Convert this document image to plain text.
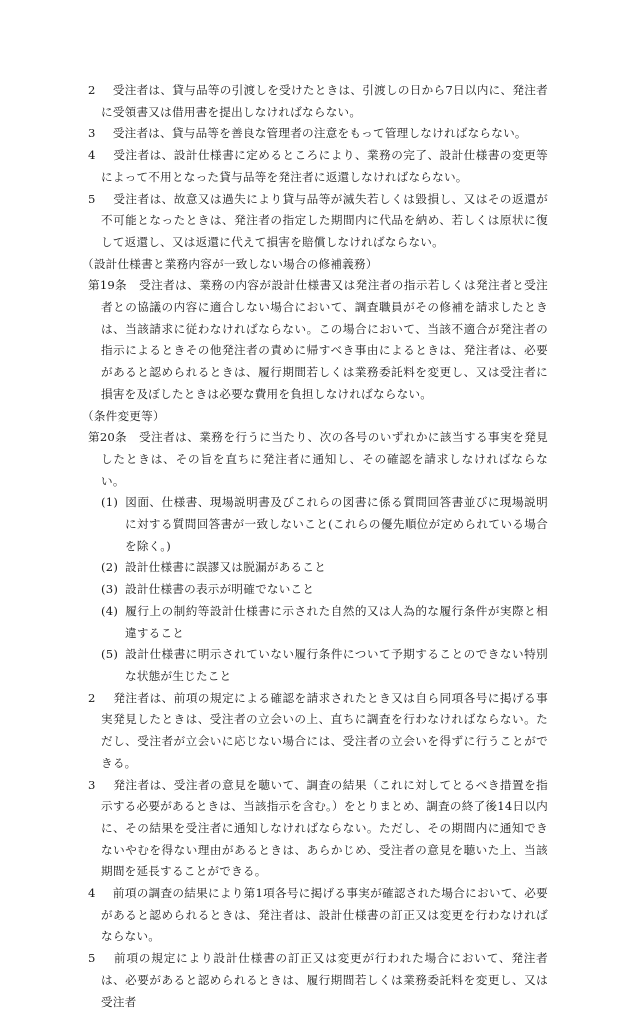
2　受注者は、貸与品等の引渡しを受けたときは、引渡しの日から7日以内に、発注者に受領書又は借用書を提出しなければならない。

3　受注者は、貸与品等を善良な管理者の注意をもって管理しなければならない。

4　受注者は、設計仕様書に定めるところにより、業務の完了、設計仕様書の変更等によって不用となった貸与品等を発注者に返還しなければならない。

5　受注者は、故意又は過失により貸与品等が滅失若しくは毀損し、又はその返還が不可能となったときは、発注者の指定した期間内に代品を納め、若しくは原状に復して返還し、又は返還に代えて損害を賠償しなければならない。

（設計仕様書と業務内容が一致しない場合の修補義務）

第19条 受注者は、業務の内容が設計仕様書又は発注者の指示若しくは発注者と受注者との協議の内容に適合しない場合において、調査職員がその修補を請求したときは、当該請求に従わなければならない。この場合において、当該不適合が発注者の指示によるときその他発注者の責めに帰すべき事由によるときは、発注者は、必要があると認められるときは、履行期間若しくは業務委託料を変更し、又は受注者に損害を及ぼしたときは必要な費用を負担しなければならない。

（条件変更等）

第20条 受注者は、業務を行うに当たり、次の各号のいずれかに該当する事実を発見したときは、その旨を直ちに発注者に通知し、その確認を請求しなければならない。

(1) 図面、仕様書、現場説明書及びこれらの図書に係る質問回答書並びに現場説明に対する質問回答書が一致しないこと(これらの優先順位が定められている場合を除く。)

(2) 設計仕様書に誤謬又は脱漏があること

(3) 設計仕様書の表示が明確でないこと

(4) 履行上の制約等設計仕様書に示された自然的又は人為的な履行条件が実際と相違すること

(5) 設計仕様書に明示されていない履行条件について予期することのできない特別な状態が生じたこと

2　発注者は、前項の規定による確認を請求されたとき又は自ら同項各号に掲げる事実発見したときは、受注者の立会いの上、直ちに調査を行わなければならない。ただし、受注者が立会いに応じない場合には、受注者の立会いを得ずに行うことができる。

3　発注者は、受注者の意見を聴いて、調査の結果（これに対してとるべき措置を指示する必要があるときは、当該指示を含む。）をとりまとめ、調査の終了後14日以内に、その結果を受注者に通知しなければならない。ただし、その期間内に通知できないやむを得ない理由があるときは、あらかじめ、受注者の意見を聴いた上、当該期間を延長することができる。

4　前項の調査の結果により第1項各号に掲げる事実が確認された場合において、必要があると認められるときは、発注者は、設計仕様書の訂正又は変更を行わなければならない。

5　前項の規定により設計仕様書の訂正又は変更が行われた場合において、発注者は、必要があると認められるときは、履行期間若しくは業務委託料を変更し、又は受注者
